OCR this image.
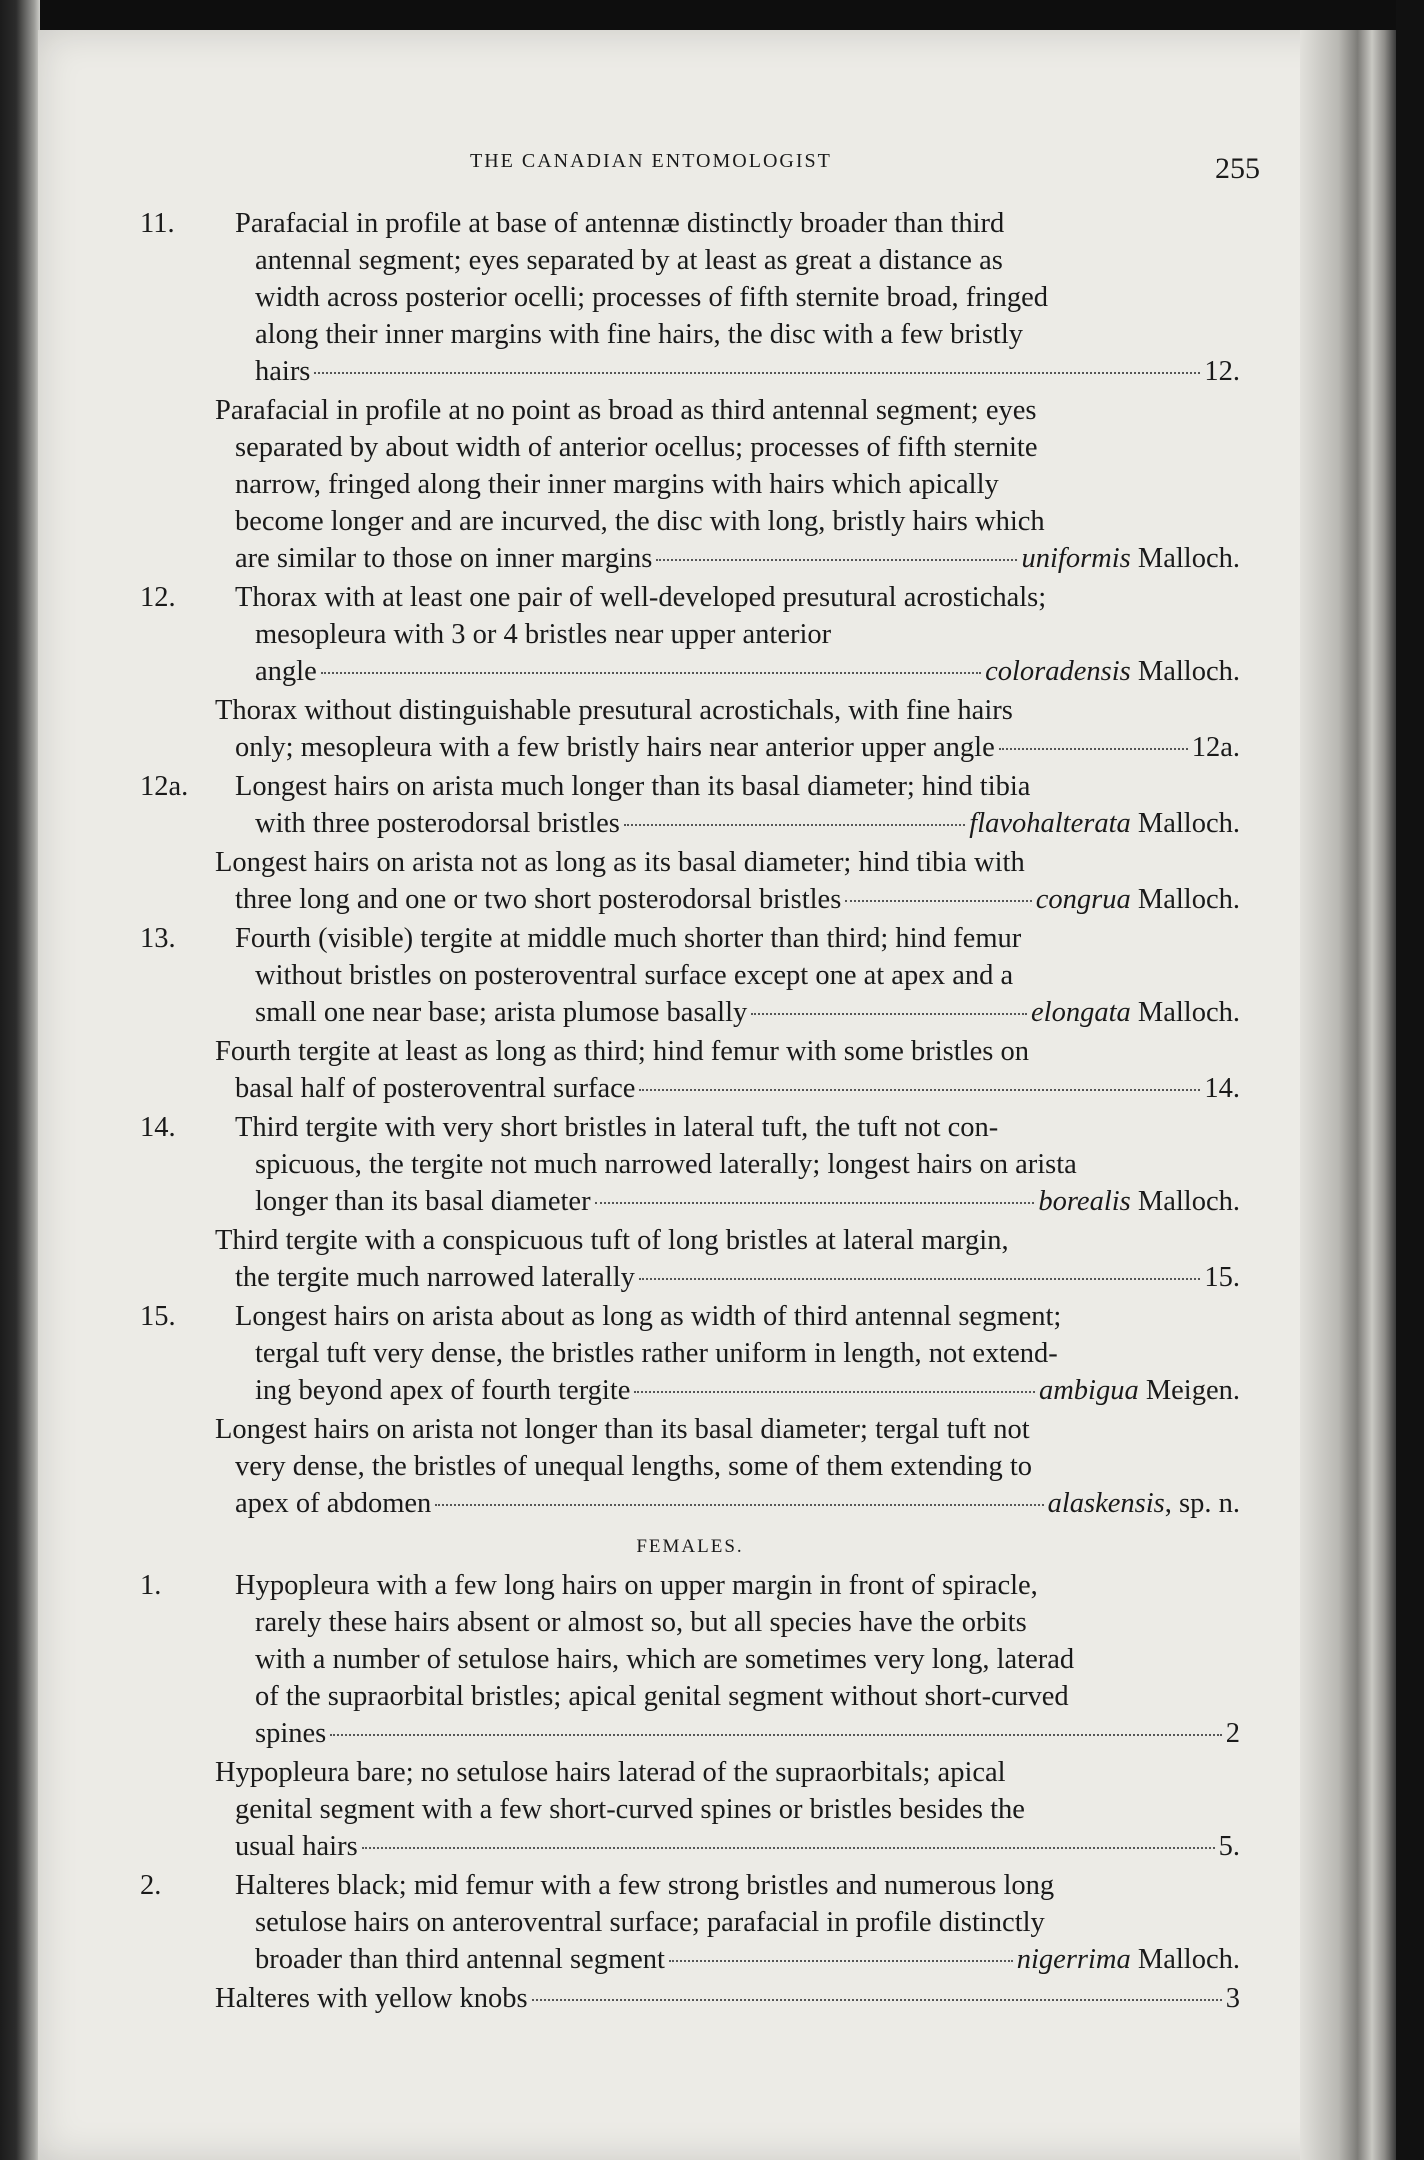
THE CANADIAN ENTOMOLOGIST	255
11. Parafacial in profile at base of antennæ distinctly broader than third
antennal segment; eyes separated by at least as great a distance as
width across posterior ocelli; processes of fifth sternite broad, fringed
along their inner margins with fine hairs, the disc with a few bristly
hairs	12.
Parafacial in profile at no point as broad as third antennal segment; eyes
separated by about width of anterior ocellus; processes of fifth sternite
narrow, fringed along their inner margins with hairs which apically
become longer and are incurved, the disc with long, bristly hairs which
are similar to those on inner margins	uniformis Malloch.
12. Thorax with at least one pair of well-developed presutural acrostichals;
mesopleura with 3 or 4 bristles near upper anterior
angle	coloradensis Malloch.
Thorax without distinguishable presutural acrostichals, with fine hairs
only; mesopleura with a few bristly hairs near anterior upper angle	12a.
12a. Longest hairs on arista much longer than its basal diameter; hind tibia
with three posterodorsal bristles	flavohalterata Malloch.
Longest hairs on arista not as long as its basal diameter; hind tibia with
three long and one or two short posterodorsal bristles	congrua Malloch.
13. Fourth (visible) tergite at middle much shorter than third; hind femur
without bristles on posteroventral surface except one at apex and a
small one near base; arista plumose basally	elongata Malloch.
Fourth tergite at least as long as third; hind femur with some bristles on
basal half of posteroventral surface	14.
14. Third tergite with very short bristles in lateral tuft, the tuft not con-
spicuous, the tergite not much narrowed laterally; longest hairs on arista
longer than its basal diameter	borealis Malloch.
Third tergite with a conspicuous tuft of long bristles at lateral margin,
the tergite much narrowed laterally	15.
15. Longest hairs on arista about as long as width of third antennal segment;
tergal tuft very dense, the bristles rather uniform in length, not extend-
ing beyond apex of fourth tergite	ambigua Meigen.
Longest hairs on arista not longer than its basal diameter; tergal tuft not
very dense, the bristles of unequal lengths, some of them extending to
apex of abdomen	alaskensis, sp. n.
FEMALES.
1.	Hypopleura with a few long hairs on upper margin in front of spiracle,
rarely these hairs absent or almost so, but all species have the orbits
with a number of setulose hairs, which are sometimes very long, laterad
of the supraorbital bristles; apical genital segment without short-curved
spines	2
Hypopleura bare; no setulose hairs laterad of the supraorbitals; apical
genital segment with a few short-curved spines or bristles besides the
usual hairs	5.
2.	Halteres black; mid femur with a few strong bristles and numerous long
setulose hairs on anteroventral surface; parafacial in profile distinctly
broader than third antennal segment	nigerrima Malloch.
Halteres with yellow knobs	3
